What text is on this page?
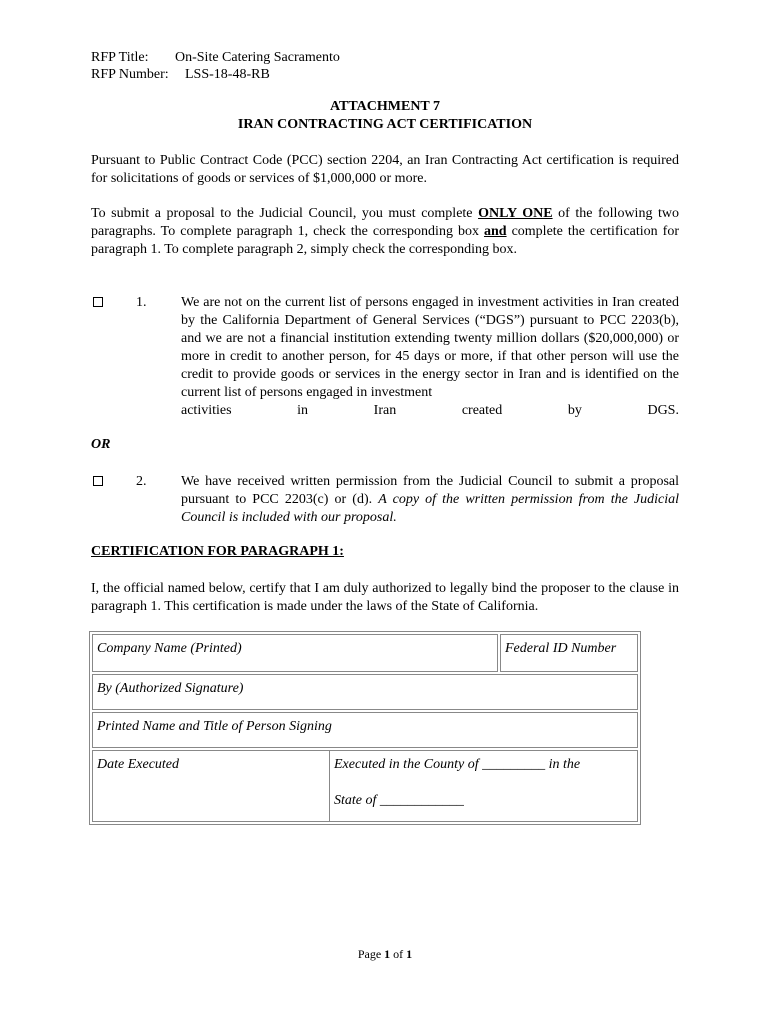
RFP Title: On-Site Catering Sacramento
RFP Number: LSS-18-48-RB
ATTACHMENT 7
IRAN CONTRACTING ACT CERTIFICATION
Pursuant to Public Contract Code (PCC) section 2204, an Iran Contracting Act certification is required for solicitations of goods or services of $1,000,000 or more.
To submit a proposal to the Judicial Council, you must complete ONLY ONE of the following two paragraphs. To complete paragraph 1, check the corresponding box and complete the certification for paragraph 1. To complete paragraph 2, simply check the corresponding box.
1. We are not on the current list of persons engaged in investment activities in Iran created by the California Department of General Services (“DGS”) pursuant to PCC 2203(b), and we are not a financial institution extending twenty million dollars ($20,000,000) or more in credit to another person, for 45 days or more, if that other person will use the credit to provide goods or services in the energy sector in Iran and is identified on the current list of persons engaged in investment
activities	in	Iran	created	by	DGS.
OR
2. We have received written permission from the Judicial Council to submit a proposal pursuant to PCC 2203(c) or (d). A copy of the written permission from the Judicial Council is included with our proposal.
CERTIFICATION FOR PARAGRAPH 1:
I, the official named below, certify that I am duly authorized to legally bind the proposer to the clause in paragraph 1. This certification is made under the laws of the State of California.
Company Name (Printed)	Federal ID Number
By (Authorized Signature)
Printed Name and Title of Person Signing

Date Executed	Executed in the County of _________ in the
State of ____________
Page 1 of 1
